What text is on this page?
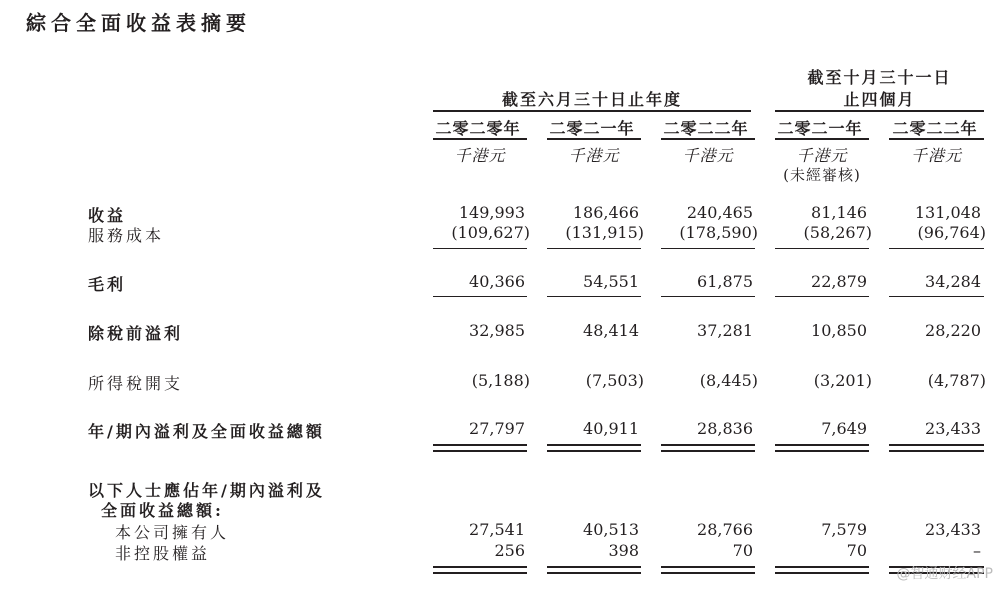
綜合全面收益表摘要
截至六月三十日止年度
截至十月三十一日
止四個月
二零二零年	二零二一年	二零二二年	二零二一年	二零二二年
千港元	千港元	千港元	千港元	千港元
(未經審核)
收益	149,993	186,466	240,465	81,146	131,048
服務成本	(109,627)	(131,915)	(178,590)	(58,267)	(96,764)
毛利	40,366	54,551	61,875	22,879	34,284
除稅前溢利	32,985	48,414	37,281	10,850	28,220
所得稅開支	(5,188)	(7,503)	(8,445)	(3,201)	(4,787)
年/期內溢利及全面收益總額	27,797	40,911	28,836	7,649	23,433
以下人士應佔年/期內溢利及
全面收益總額:
本公司擁有人	27,541	40,513	28,766	7,579	23,433
非控股權益	256	398	70	70	–
@智通财经APP
